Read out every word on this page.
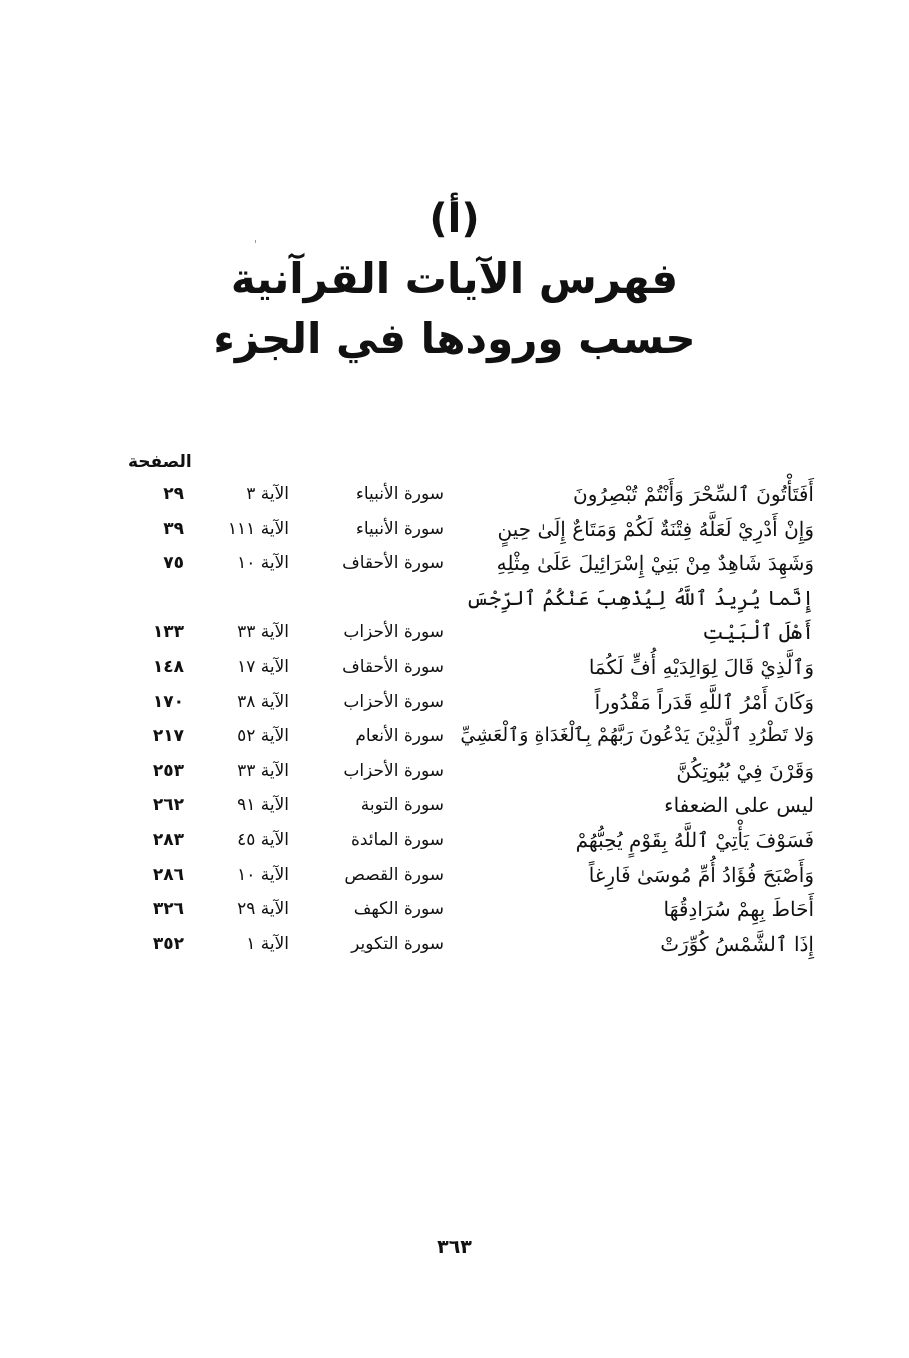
(أ)
فهرس الآيات القرآنية
حسب ورودها في الجزء
الصفحة
أَفَتَأْتُونَ ٱلسِّحْرَ وَأَنْتُمْ تُبْصِرُونَ
سورة الأنبياء
الآية ٣
٢٩
وَإِنْ أَدْرِيْ لَعَلَّهُ فِتْنَةٌ لَكُمْ وَمَتَاعٌ إِلَىٰ حِينٍ
سورة الأنبياء
الآية ١١١
٣٩
وَشَهِدَ شَاهِدٌ مِنْ بَنِيْ إِسْرَائِيلَ عَلَىٰ مِثْلِهِ
سورة الأحقاف
الآية ١٠
٧٥
إِنَّما يُرِيدُ ٱللَّهُ لِيُذْهِبَ عَنْكُمُ ٱلرِّجْسَ
أَهْلَ ٱلْبَيْتِ
سورة الأحزاب
الآية ٣٣
١٣٣
وَٱلَّذِيْ قَالَ لِوَالِدَيْهِ أُفٍّ لَكُمَا
سورة الأحقاف
الآية ١٧
١٤٨
وَكَانَ أَمْرُ ٱللَّهِ قَدَراً مَقْدُوراً
سورة الأحزاب
الآية ٣٨
١٧٠
وَلا تَطْرُدِ ٱلَّذِيْنَ يَدْعُونَ رَبَّهُمْ بِٱلْغَدَاةِ وَٱلْعَشِيِّ
سورة الأنعام
الآية ٥٢
٢١٧
وَقَرْنَ فِيْ بُيُوتِكُنَّ
سورة الأحزاب
الآية ٣٣
٢٥٣
ليس على الضعفاء
سورة التوبة
الآية ٩١
٢٦٢
فَسَوْفَ يَأْتِيْ ٱللَّهُ بِقَوْمٍ يُحِبُّهُمْ
سورة المائدة
الآية ٤٥
٢٨٣
وَأَصْبَحَ فُؤَادُ أُمِّ مُوسَىٰ فَارِغاً
سورة القصص
الآية ١٠
٢٨٦
أَحَاطَ بِهِمْ سُرَادِقُهَا
سورة الكهف
الآية ٢٩
٣٢٦
إِذَا ٱلشَّمْسُ كُوِّرَتْ
سورة التكوير
الآية ١
٣٥٢
٣٦٣
